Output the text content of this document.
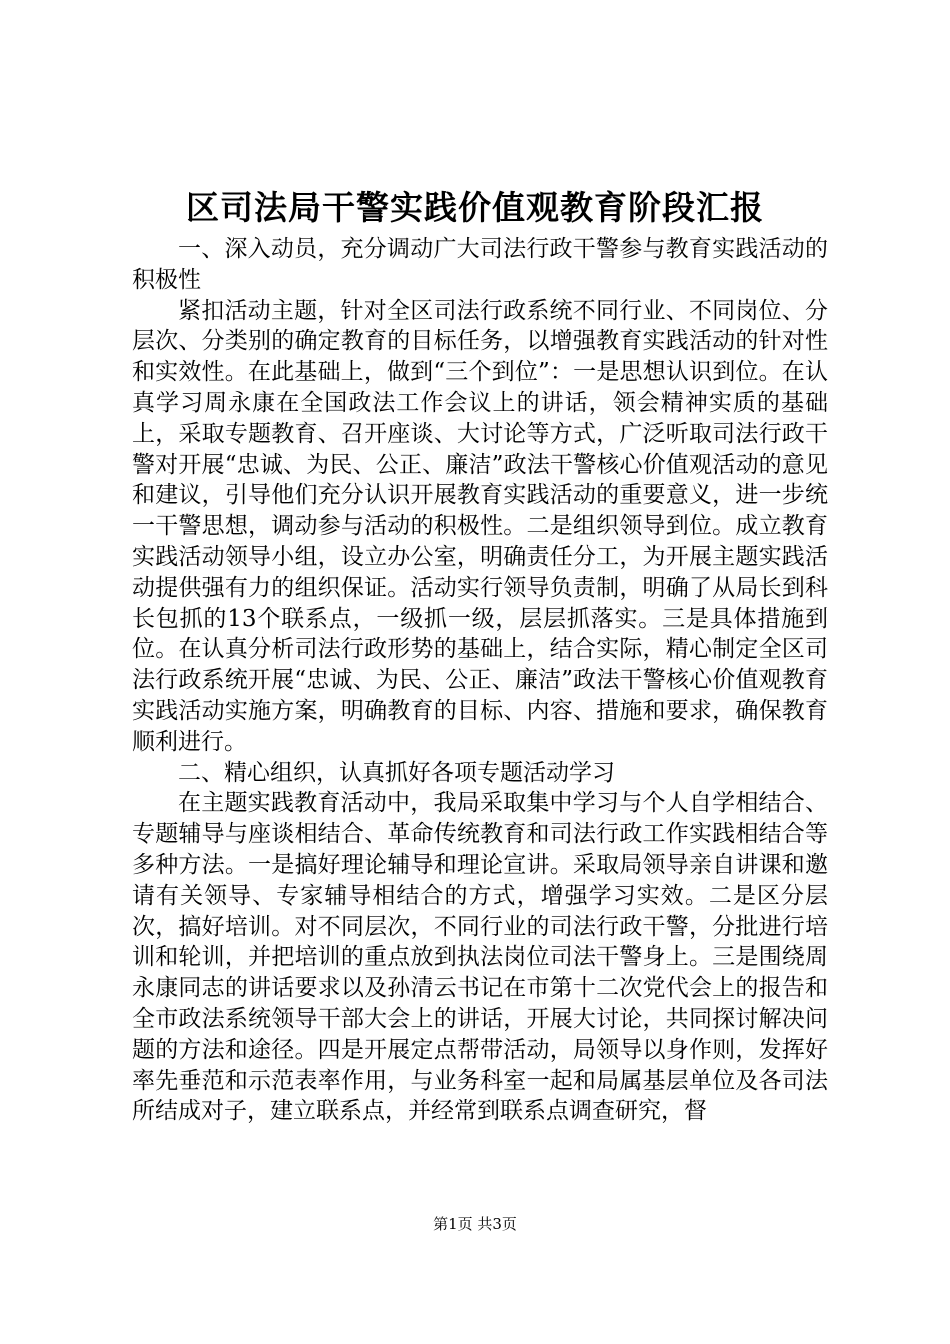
区司法局干警实践价值观教育阶段汇报

一、深入动员，充分调动广大司法行政干警参与教育实践活动的积极性

紧扣活动主题，针对全区司法行政系统不同行业、不同岗位、分层次、分类别的确定教育的目标任务，以增强教育实践活动的针对性和实效性。在此基础上，做到“三个到位”：一是思想认识到位。在认真学习周永康在全国政法工作会议上的讲话，领会精神实质的基础上，采取专题教育、召开座谈、大讨论等方式，广泛听取司法行政干警对开展“忠诚、为民、公正、廉洁”政法干警核心价值观活动的意见和建议，引导他们充分认识开展教育实践活动的重要意义，进一步统一干警思想，调动参与活动的积极性。二是组织领导到位。成立教育实践活动领导小组，设立办公室，明确责任分工，为开展主题实践活动提供强有力的组织保证。活动实行领导负责制，明确了从局长到科长包抓的13个联系点，一级抓一级，层层抓落实。三是具体措施到位。在认真分析司法行政形势的基础上，结合实际，精心制定全区司法行政系统开展“忠诚、为民、公正、廉洁”政法干警核心价值观教育实践活动实施方案，明确教育的目标、内容、措施和要求，确保教育顺利进行。

二、精心组织，认真抓好各项专题活动学习

在主题实践教育活动中，我局采取集中学习与个人自学相结合、专题辅导与座谈相结合、革命传统教育和司法行政工作实践相结合等多种方法。一是搞好理论辅导和理论宣讲。采取局领导亲自讲课和邀请有关领导、专家辅导相结合的方式，增强学习实效。二是区分层次，搞好培训。对不同层次，不同行业的司法行政干警，分批进行培训和轮训，并把培训的重点放到执法岗位司法干警身上。三是围绕周永康同志的讲话要求以及孙清云书记在市第十二次党代会上的报告和全市政法系统领导干部大会上的讲话，开展大讨论，共同探讨解决问题的方法和途径。四是开展定点帮带活动，局领导以身作则，发挥好率先垂范和示范表率作用，与业务科室一起和局属基层单位及各司法所结成对子，建立联系点，并经常到联系点调查研究，督

第1页 共3页
